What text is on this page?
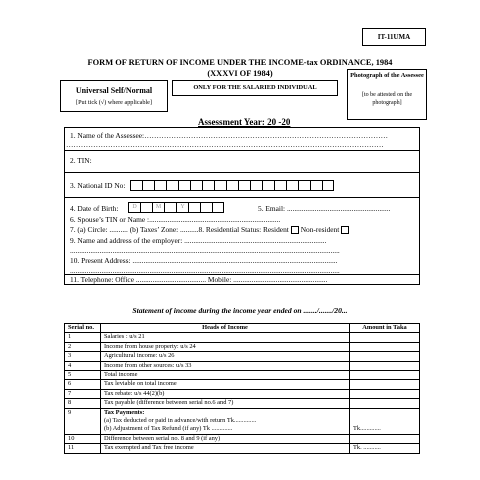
IT-11UMA
FORM OF RETURN OF INCOME UNDER THE INCOME-tax ORDINANCE, 1984
(XXXVI OF 1984)	Photograph of the Assessee
[to be attested on the photograph]
Universal Self/Normal
[Put tick (√) where applicable]
ONLY FOR THE SALARIED INDIVIDUAL
Assessment Year: 20 -20
1. Name of the Assessee:………………………………………………………………………………………
…………………………………………………………………………………………………………………
2. TIN:
3. National ID No:
4. Date of Birth:	D	M	Y	5. Email: ........................................................
6. Spouse’s TIN or Name :.......................................................................
7. (a) Circle: .......... (b) Taxes’ Zone: ..........8. Residential Status: Resident Non-resident
9. Name and address of the employer: .............................................................................
..................................................................................................................................................
10. Present Address: ...............................................................................................................
..................................................................................................................................................
11. Telephone: Office ...................................... Mobile: ...................................................
Statement of income during the income year ended on ......./......./20...
Serial no.	Heads of Income	Amount in Taka
1	Salaries : u/s 21	
2	Income from house property: u/s 24	
3	Agricultural income: u/s 26	
4	Income from other sources: u/s 33	
5	Total income	
6	Tax leviable on total income	
7	Tax rebate: u/s 44(2)(b)	
8	Tax payable (difference between serial no.6 and 7)	
9	Tax Payments:
(a) Tax deducted or paid in advance/with return Tk..............
(b) Adjustment of Tax Refund (if any) Tk .............	Tk.............
10	Difference between serial no. 8 and 9 (if any)	
11	Tax exempted and Tax free income	Tk. ...........
